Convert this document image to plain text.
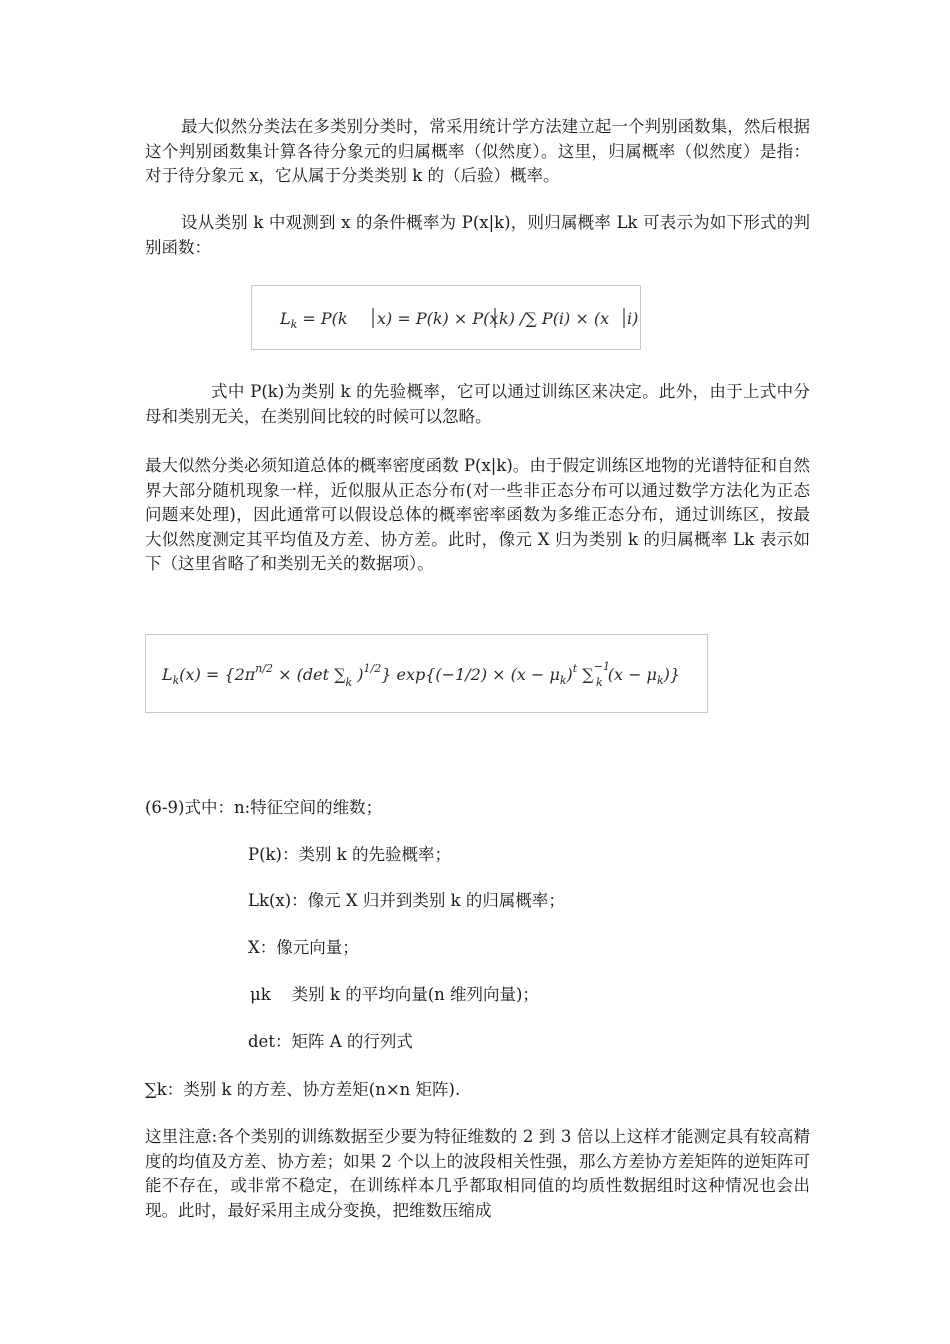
最大似然分类法在多类别分类时，常采用统计学方法建立起一个判别函数集，然后根据这个判别函数集计算各待分象元的归属概率（似然度）。这里，归属概率（似然度）是指：对于待分象元 x，它从属于分类类别 k 的（后验）概率。

设从类别 k 中观测到 x 的条件概率为 P(x|k)，则归属概率 Lk 可表示为如下形式的判别函数：

$L_k = P(k$ x) = P(k) × P(x k) /∑ P(i) × (x i)

式中 P(k)为类别 k 的先验概率，它可以通过训练区来决定。此外，由于上式中分母和类别无关，在类别间比较的时候可以忽略。

最大似然分类必须知道总体的概率密度函数 P(x|k)。由于假定训练区地物的光谱特征和自然界大部分随机现象一样，近似服从正态分布(对一些非正态分布可以通过数学方法化为正态问题来处理)，因此通常可以假设总体的概率密率函数为多维正态分布，通过训练区，按最大似然度测定其平均值及方差、协方差。此时，像元 X 归为类别 k 的归属概率 Lk 表示如下（这里省略了和类别无关的数据项）。

$L_k(x) = \{2\pi^{n/2} \times (\det$ $\sum_k$ )$^{1/2}$} $\exp\{(-1/2) \times (x - \mu_k)^t$ ∑$^{-1}$ k $(x - \mu_k)$}

(6-9)式中：n:特征空间的维数；

P(k)：类别 k 的先验概率；

Lk(x)：像元 X 归并到类别 k 的归属概率；

X：像元向量；

μk    类别 k 的平均向量(n 维列向量)；

det：矩阵 A 的行列式

∑k：类别 k 的方差、协方差矩(n×n 矩阵).

这里注意:各个类别的训练数据至少要为特征维数的 2 到 3 倍以上这样才能测定具有较高精度的均值及方差、协方差；如果 2 个以上的波段相关性强，那么方差协方差矩阵的逆矩阵可能不存在，或非常不稳定，在训练样本几乎都取相同值的均质性数据组时这种情况也会出现。此时，最好采用主成分变换，把维数压缩成
